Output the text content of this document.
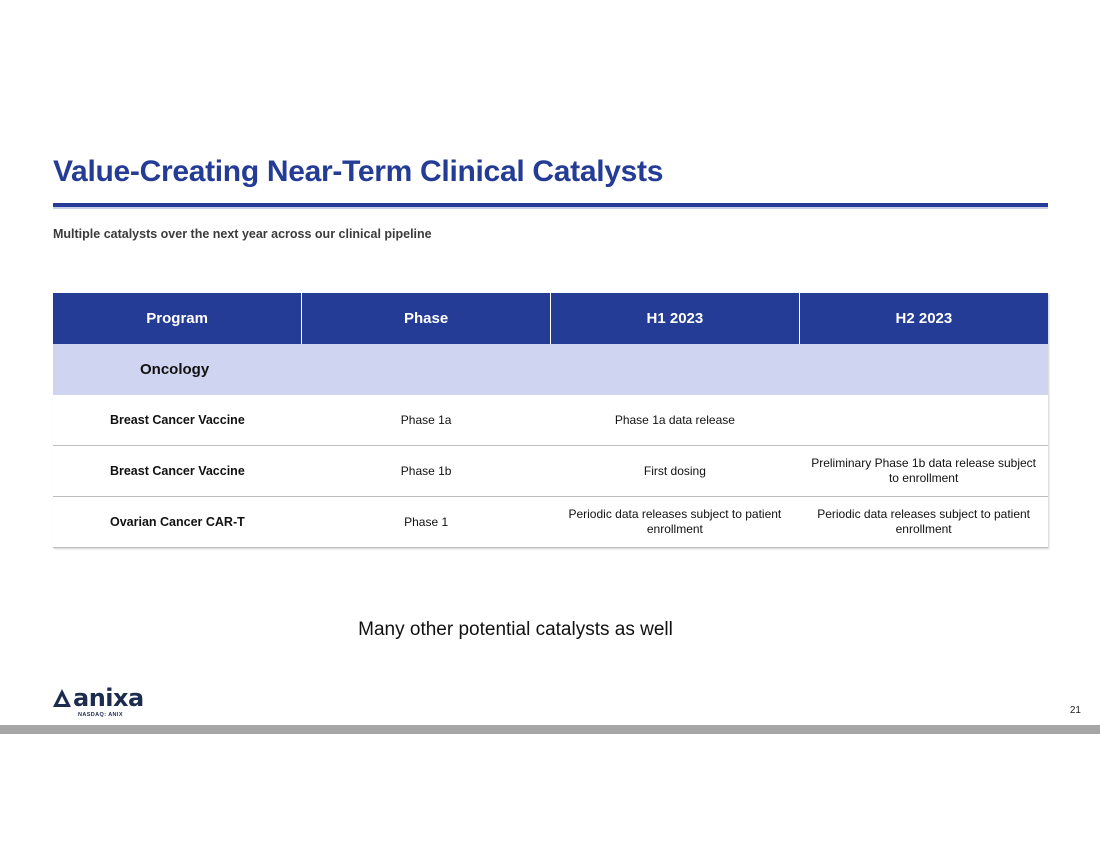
Value-Creating Near-Term Clinical Catalysts
Multiple catalysts over the next year across our clinical pipeline
Program	Phase	H1 2023	H2 2023
Oncology			
Breast Cancer Vaccine	Phase 1a	Phase 1a data release	
Breast Cancer Vaccine	Phase 1b	First dosing	Preliminary Phase 1b data release subject to enrollment
Ovarian Cancer CAR-T	Phase 1	Periodic data releases subject to patient enrollment	Periodic data releases subject to patient enrollment
Many other potential catalysts as well
anixa
NASDAQ: ANIX	21
